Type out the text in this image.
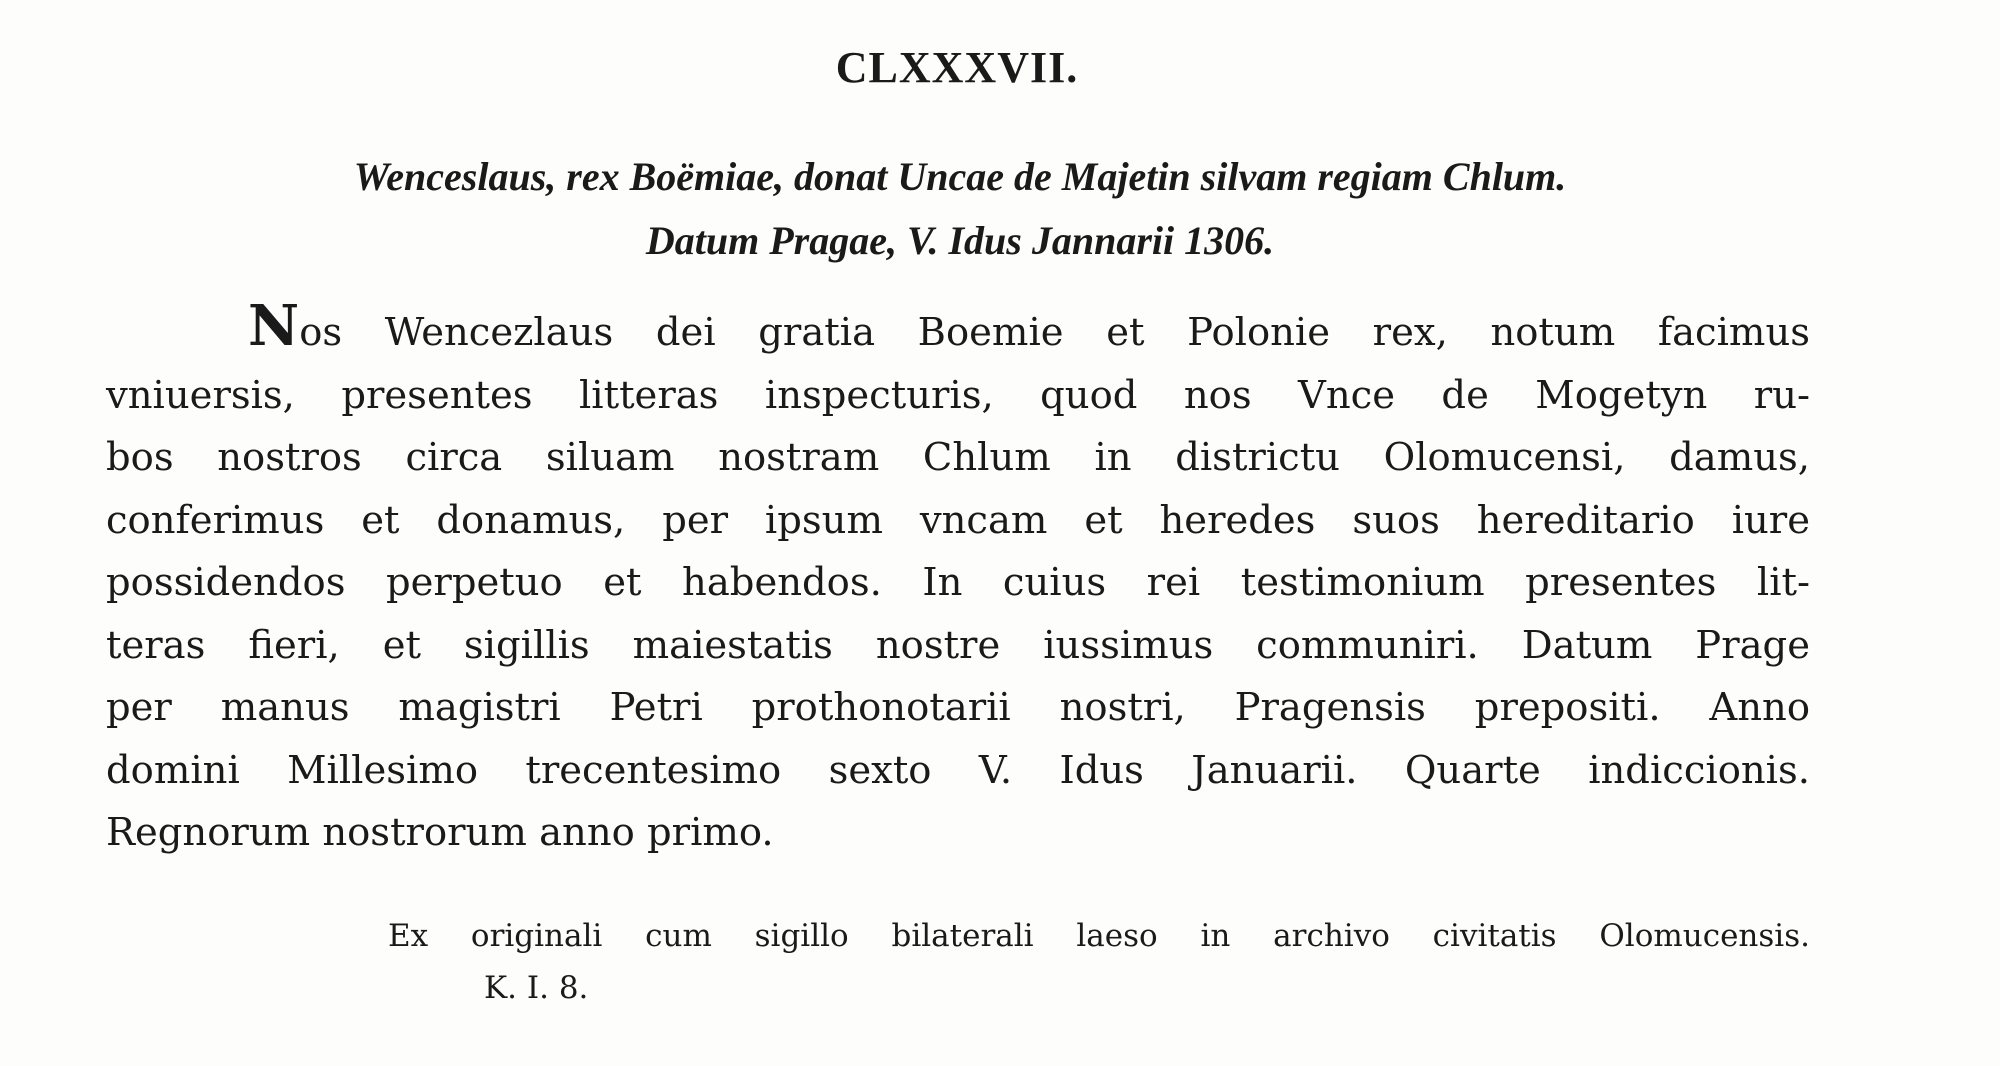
CLXXXVII.
Wenceslaus, rex Boëmiae, donat Uncae de Majetin silvam regiam Chlum.
Datum Pragae, V. Idus Jannarii 1306.
Nos Wencezlaus dei gratia Boemie et Polonie rex, notum facimus
vniuersis, presentes litteras inspecturis, quod nos Vnce de Mogetyn ru-
bos nostros circa siluam nostram Chlum in districtu Olomucensi, damus,
conferimus et donamus, per ipsum vncam et heredes suos hereditario iure
possidendos perpetuo et habendos. In cuius rei testimonium presentes lit-
teras fieri, et sigillis maiestatis nostre iussimus communiri. Datum Prage
per manus magistri Petri prothonotarii nostri, Pragensis prepositi. Anno
domini Millesimo trecentesimo sexto V. Idus Januarii. Quarte indiccionis.
Regnorum nostrorum anno primo.
Ex originali cum sigillo bilaterali laeso in archivo civitatis Olomucensis.
K. I. 8.
